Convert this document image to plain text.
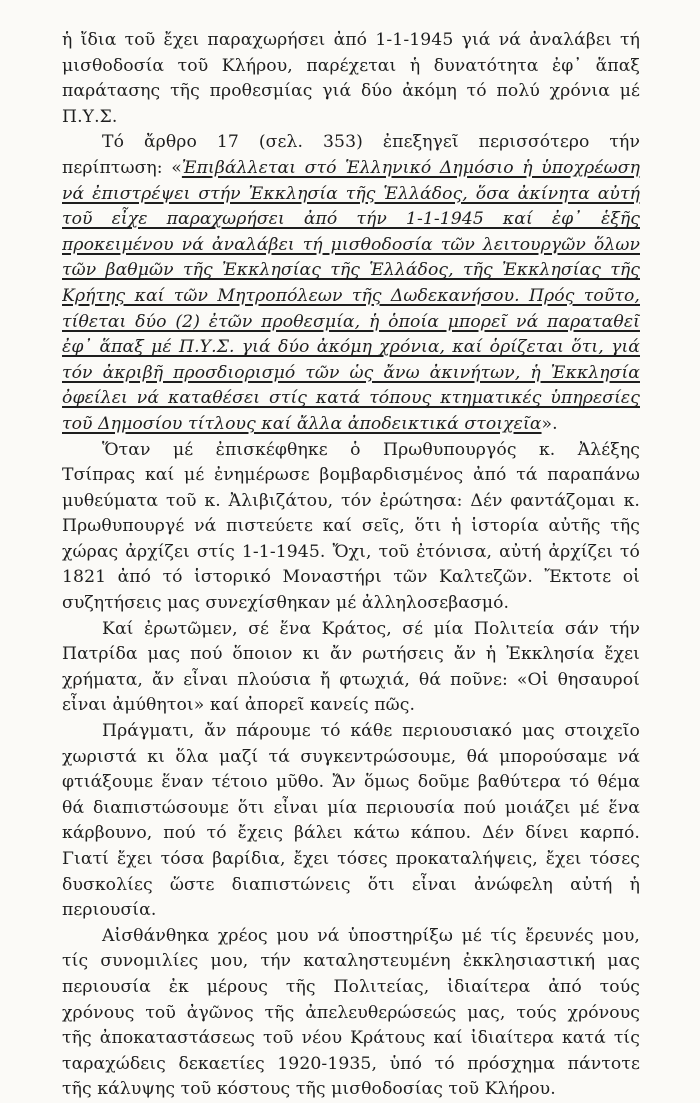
ἡ ἴδια τοῦ ἔχει παραχωρήσει ἀπό 1-1-1945 γιά νά ἀναλάβει τή
μισθοδοσία τοῦ Κλήρου, παρέχεται ἡ δυνατότητα ἐφ᾽ ἅπαξ
παράτασης τῆς προθεσμίας γιά δύο ἀκόμη τό πολύ χρόνια μέ
Π.Υ.Σ.

Τό ἄρθρο 17 (σελ. 353) ἐπεξηγεῖ περισσότερο τήν
περίπτωση: «Ἐπιβάλλεται στό Ἑλληνικό Δημόσιο ἡ ὑποχρέωση
νά ἐπιστρέψει στήν Ἐκκλησία τῆς Ἑλλάδος, ὅσα ἀκίνητα αὐτή
τοῦ εἶχε παραχωρήσει ἀπό τήν 1-1-1945 καί ἐφ᾽ ἑξῆς
προκειμένου νά ἀναλάβει τή μισθοδοσία τῶν λειτουργῶν ὅλων
τῶν βαθμῶν τῆς Ἐκκλησίας τῆς Ἑλλάδος, τῆς Ἐκκλησίας τῆς
Κρήτης καί τῶν Μητροπόλεων τῆς Δωδεκανήσου. Πρός τοῦτο,
τίθεται δύο (2) ἐτῶν προθεσμία, ἡ ὁποία μπορεῖ νά παραταθεῖ
ἐφ᾽ ἅπαξ μέ Π.Υ.Σ. γιά δύο ἀκόμη χρόνια, καί ὁρίζεται ὅτι, γιά
τόν ἀκριβῆ προσδιορισμό τῶν ὡς ἄνω ἀκινήτων, ἡ Ἐκκλησία
ὀφείλει νά καταθέσει στίς κατά τόπους κτηματικές ὑπηρεσίες
τοῦ Δημοσίου τίτλους καί ἄλλα ἀποδεικτικά στοιχεῖα».

Ὅταν μέ ἐπισκέφθηκε ὁ Πρωθυπουργός κ. Ἀλέξης
Τσίπρας καί μέ ἐνημέρωσε βομβαρδισμένος ἀπό τά παραπάνω
μυθεύματα τοῦ κ. Ἀλιβιζάτου, τόν ἐρώτησα: Δέν φαντάζομαι κ.
Πρωθυπουργέ νά πιστεύετε καί σεῖς, ὅτι ἡ ἱστορία αὐτῆς τῆς
χώρας ἀρχίζει στίς 1-1-1945. Ὄχι, τοῦ ἐτόνισα, αὐτή ἀρχίζει τό
1821 ἀπό τό ἱστορικό Μοναστήρι τῶν Καλτεζῶν. Ἔκτοτε οἱ
συζητήσεις μας συνεχίσθηκαν μέ ἀλληλοσεβασμό.

Καί ἐρωτῶμεν, σέ ἕνα Κράτος, σέ μία Πολιτεία σάν τήν
Πατρίδα μας πού ὅποιον κι ἄν ρωτήσεις ἄν ἡ Ἐκκλησία ἔχει
χρήματα, ἄν εἶναι πλούσια ἤ φτωχιά, θά ποῦνε: «Οἱ θησαυροί
εἶναι ἀμύθητοι» καί ἀπορεῖ κανείς πῶς.

Πράγματι, ἄν πάρουμε τό κάθε περιουσιακό μας στοιχεῖο
χωριστά κι ὅλα μαζί τά συγκεντρώσουμε, θά μπορούσαμε νά
φτιάξουμε ἕναν τέτοιο μῦθο. Ἄν ὅμως δοῦμε βαθύτερα τό θέμα
θά διαπιστώσουμε ὅτι εἶναι μία περιουσία πού μοιάζει μέ ἕνα
κάρβουνο, πού τό ἔχεις βάλει κάτω κάπου. Δέν δίνει καρπό.
Γιατί ἔχει τόσα βαρίδια, ἔχει τόσες προκαταλήψεις, ἔχει τόσες
δυσκολίες ὥστε διαπιστώνεις ὅτι εἶναι ἀνώφελη αὐτή ἡ
περιουσία.

Αἰσθάνθηκα χρέος μου νά ὑποστηρίξω μέ τίς ἔρευνές μου,
τίς συνομιλίες μου, τήν καταληστευμένη ἐκκλησιαστική μας
περιουσία ἐκ μέρους τῆς Πολιτείας, ἰδιαίτερα ἀπό τούς
χρόνους τοῦ ἀγῶνος τῆς ἀπελευθερώσεώς μας, τούς χρόνους
τῆς ἀποκαταστάσεως τοῦ νέου Κράτους καί ἰδιαίτερα κατά τίς
ταραχώδεις δεκαετίες 1920-1935, ὑπό τό πρόσχημα πάντοτε
τῆς κάλυψης τοῦ κόστους τῆς μισθοδοσίας τοῦ Κλήρου.
